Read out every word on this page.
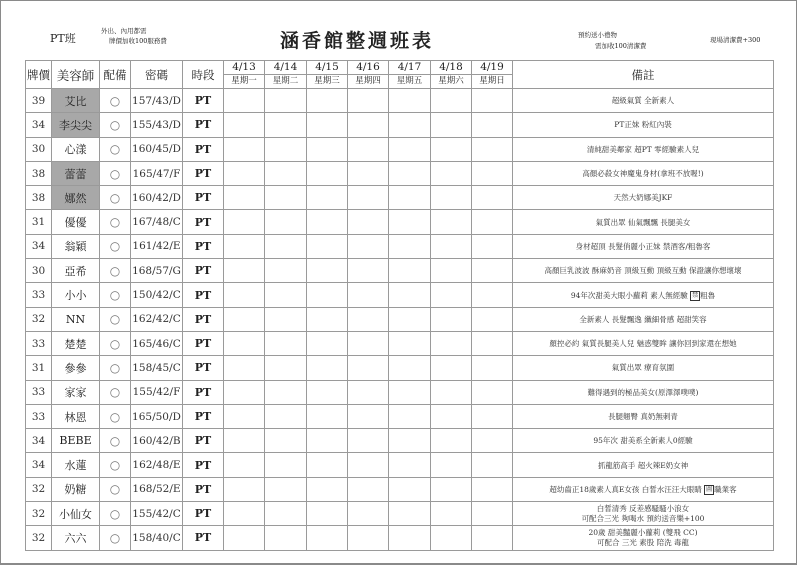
PT班
外出、內用都需
牌價加收100服務費	涵香館整週班表	預約送小禮物
需加收100清潔費
現場清潔費+300
牌價	美容師	配備	密碼	時段	4/13	4/14	4/15	4/16	4/17	4/18	4/19	備註
					星期一	星期二	星期三	星期四	星期五	星期六	星期日	
39	艾比	○	157/43/D	PT								超級氣質 全新素人
34	李尖尖	○	155/43/D	PT								PT正妹 粉紅內裝
30	心漾	○	160/45/D	PT								清純甜美鄰家 超PT 零經驗素人兒
38	蕾蕾	○	165/47/F	PT								高顏必殺女神魔鬼身材(拿班不放喔!)
38	娜然	○	160/42/D	PT								天然大奶娜美JKF
31	優優	○	167/48/C	PT								氣質出眾 仙氣飄飄 長腿美女
34	翁穎	○	161/42/E	PT								身材超頂 長髮俏麗小正妹 禁酒客/粗魯客
30	亞希	○	168/57/G	PT								高顏巨乳波波 酥麻奶音 頂級互動 頂級互動 保證讓你想壞壞
33	小小	○	150/42/C	PT								94年次甜美大眼小蘿莉 素人無經驗 禁 粗魯
32	NN	○	162/42/C	PT								全新素人 長髮飄逸 纖細骨感 超甜笑容
33	楚楚	○	165/46/C	PT								顏控必約 氣質長腿美人兒 魅惑雙眸 讓你回到家還在想她
31	參參	○	158/45/C	PT								氣質出眾 療育氛圍
33	家家	○	155/42/F	PT								難得遇到的極品美女(原澤澤噗噗)
33	林恩	○	165/50/D	PT								長腿翹臀 真奶無刺青
34	BEBE	○	160/42/B	PT								95年次 甜美系全新素人0經驗
34	水蓮	○	162/48/E	PT								抓龍筋高手 超火辣E奶女神
32	奶糖	○	168/52/E	PT								超幼齒正18歲素人真E女孩 白皙水汪汪大眼睛 圖 職業客
32	小仙女	○	155/42/C	PT								白皙清秀 反差感騷騷小浪女
可配合三光 夠喝水 預約送音樂+100
32	六六	○	158/40/C	PT								20歲 甜美豔麗小蘿莉 (雙飛 CC)
可配合 三光 素股 陪洗 毒龍
